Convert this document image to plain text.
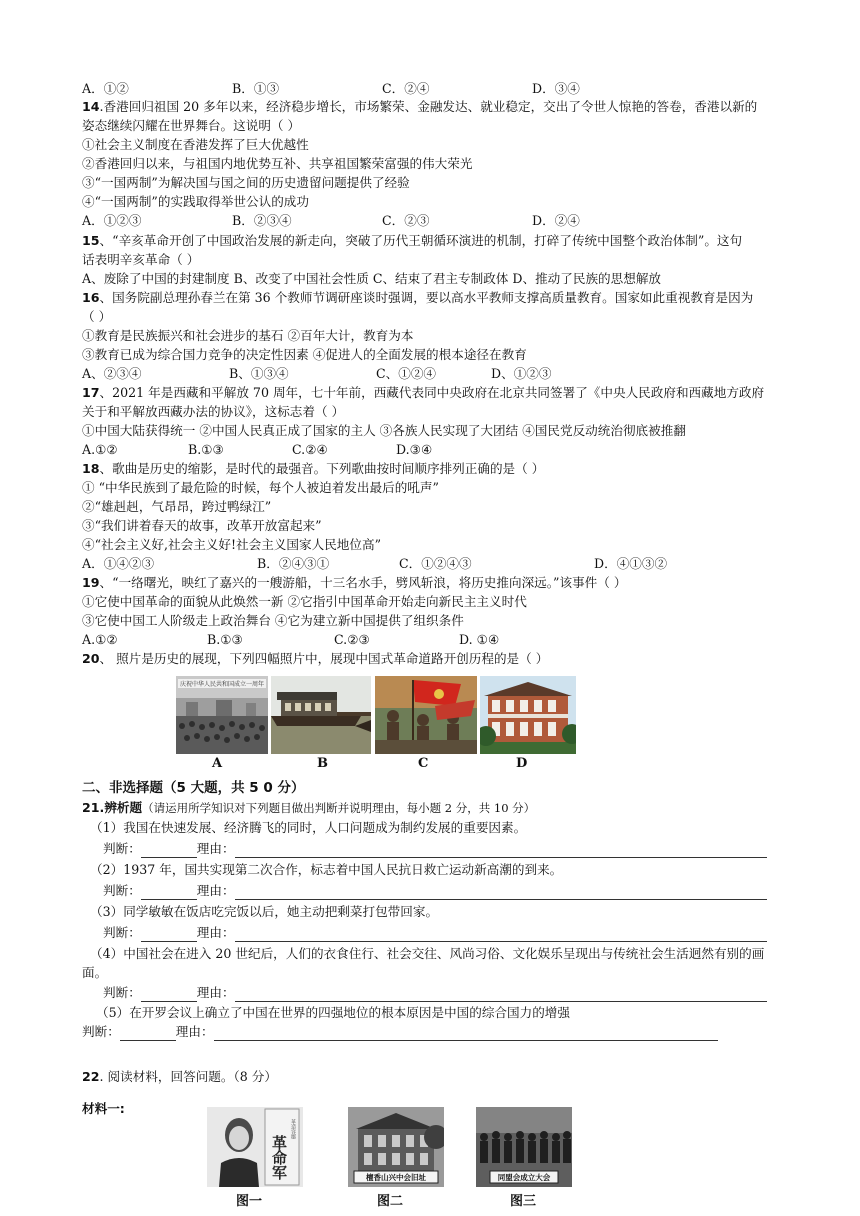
A．①②	B．①③	C．②④	D．③④
14.香港回归祖国 20 多年以来，经济稳步增长，市场繁荣、金融发达、就业稳定，交出了令世人惊艳的答卷，香港以新的
姿态继续闪耀在世界舞台。这说明（ ）
①社会主义制度在香港发挥了巨大优越性
②香港回归以来，与祖国内地优势互补、共享祖国繁荣富强的伟大荣光
③“一国两制”为解决国与国之间的历史遗留问题提供了经验
④“一国两制”的实践取得举世公认的成功
A．①②③	B．②③④	C．②③	D．②④
15、“辛亥革命开创了中国政治发展的新走向，突破了历代王朝循环演进的机制，打碎了传统中国整个政治体制”。这句
话表明辛亥革命（ ）
A、废除了中国的封建制度 B、改变了中国社会性质 C、结束了君主专制政体 D、推动了民族的思想解放
16、国务院副总理孙春兰在第 36 个教师节调研座谈时强调，要以高水平教师支撑高质量教育。国家如此重视教育是因为
（ ）
①教育是民族振兴和社会进步的基石 ②百年大计，教育为本
③教育已成为综合国力竞争的决定性因素 ④促进人的全面发展的根本途径在教育
A、②③④	B、①③④	C、①②④	D、①②③
17、2021 年是西藏和平解放 70 周年，七十年前，西藏代表同中央政府在北京共同签署了《中央人民政府和西藏地方政府
关于和平解放西藏办法的协议》，这标志着（ ）
①中国大陆获得统一 ②中国人民真正成了国家的主人 ③各族人民实现了大团结 ④国民党反动统治彻底被推翻
A.①②	B.①③	C.②④	D.③④
18、歌曲是历史的缩影，是时代的最强音。下列歌曲按时间顺序排列正确的是（ ）
① “中华民族到了最危险的时候，每个人被迫着发出最后的吼声”
②“雄赳赳，气昂昂，跨过鸭绿江”
③“我们讲着春天的故事，改革开放富起来”
④“社会主义好,社会主义好!社会主义国家人民地位高”
A．①④②③	B．②④③①	C．①②④③	D．④①③②
19、“一络曙光，映红了嘉兴的一艘游船，十三名水手，劈风斩浪，将历史推向深远。”该事件（ ）
①它使中国革命的面貌从此焕然一新 ②它指引中国革命开始走向新民主主义时代
③它使中国工人阶级走上政治舞台 ④它为建立新中国提供了组织条件
A.①②	B.①③	C.②③	D. ①④
20、 照片是历史的展现，下列四幅照片中，展现中国式革命道路开创历程的是（ ）
庆祝中华人民共和国成立一周年
A	B	C	D
二、非选择题（5 大题，共 5 0 分）
21.辨析题（请运用所学知识对下列题目做出判断并说明理由，每小题 2 分，共 10 分）
（1）我国在快速发展、经济腾飞的同时，人口问题成为制约发展的重要因素。
判断：	理由：
（2）1937 年，国共实现第二次合作，标志着中国人民抗日救亡运动新高潮的到来。
判断：	理由：
（3）同学敏敏在饭店吃完饭以后，她主动把剩菜打包带回家。
判断：	理由：
（4）中国社会在进入 20 世纪后，人们的衣食住行、社会交往、风尚习俗、文化娱乐呈现出与传统社会生活迥然有别的画
面。
判断：	理由：
（5）在开罗会议上确立了中国在世界的四强地位的根本原因是中国的综合国力的增强
判断：	理由：
22. 阅读材料，回答问题。（8 分）
材料一:
革造容鄒
革命军	檀香山兴中会旧址	同盟会成立大会
图一	图二	图三
